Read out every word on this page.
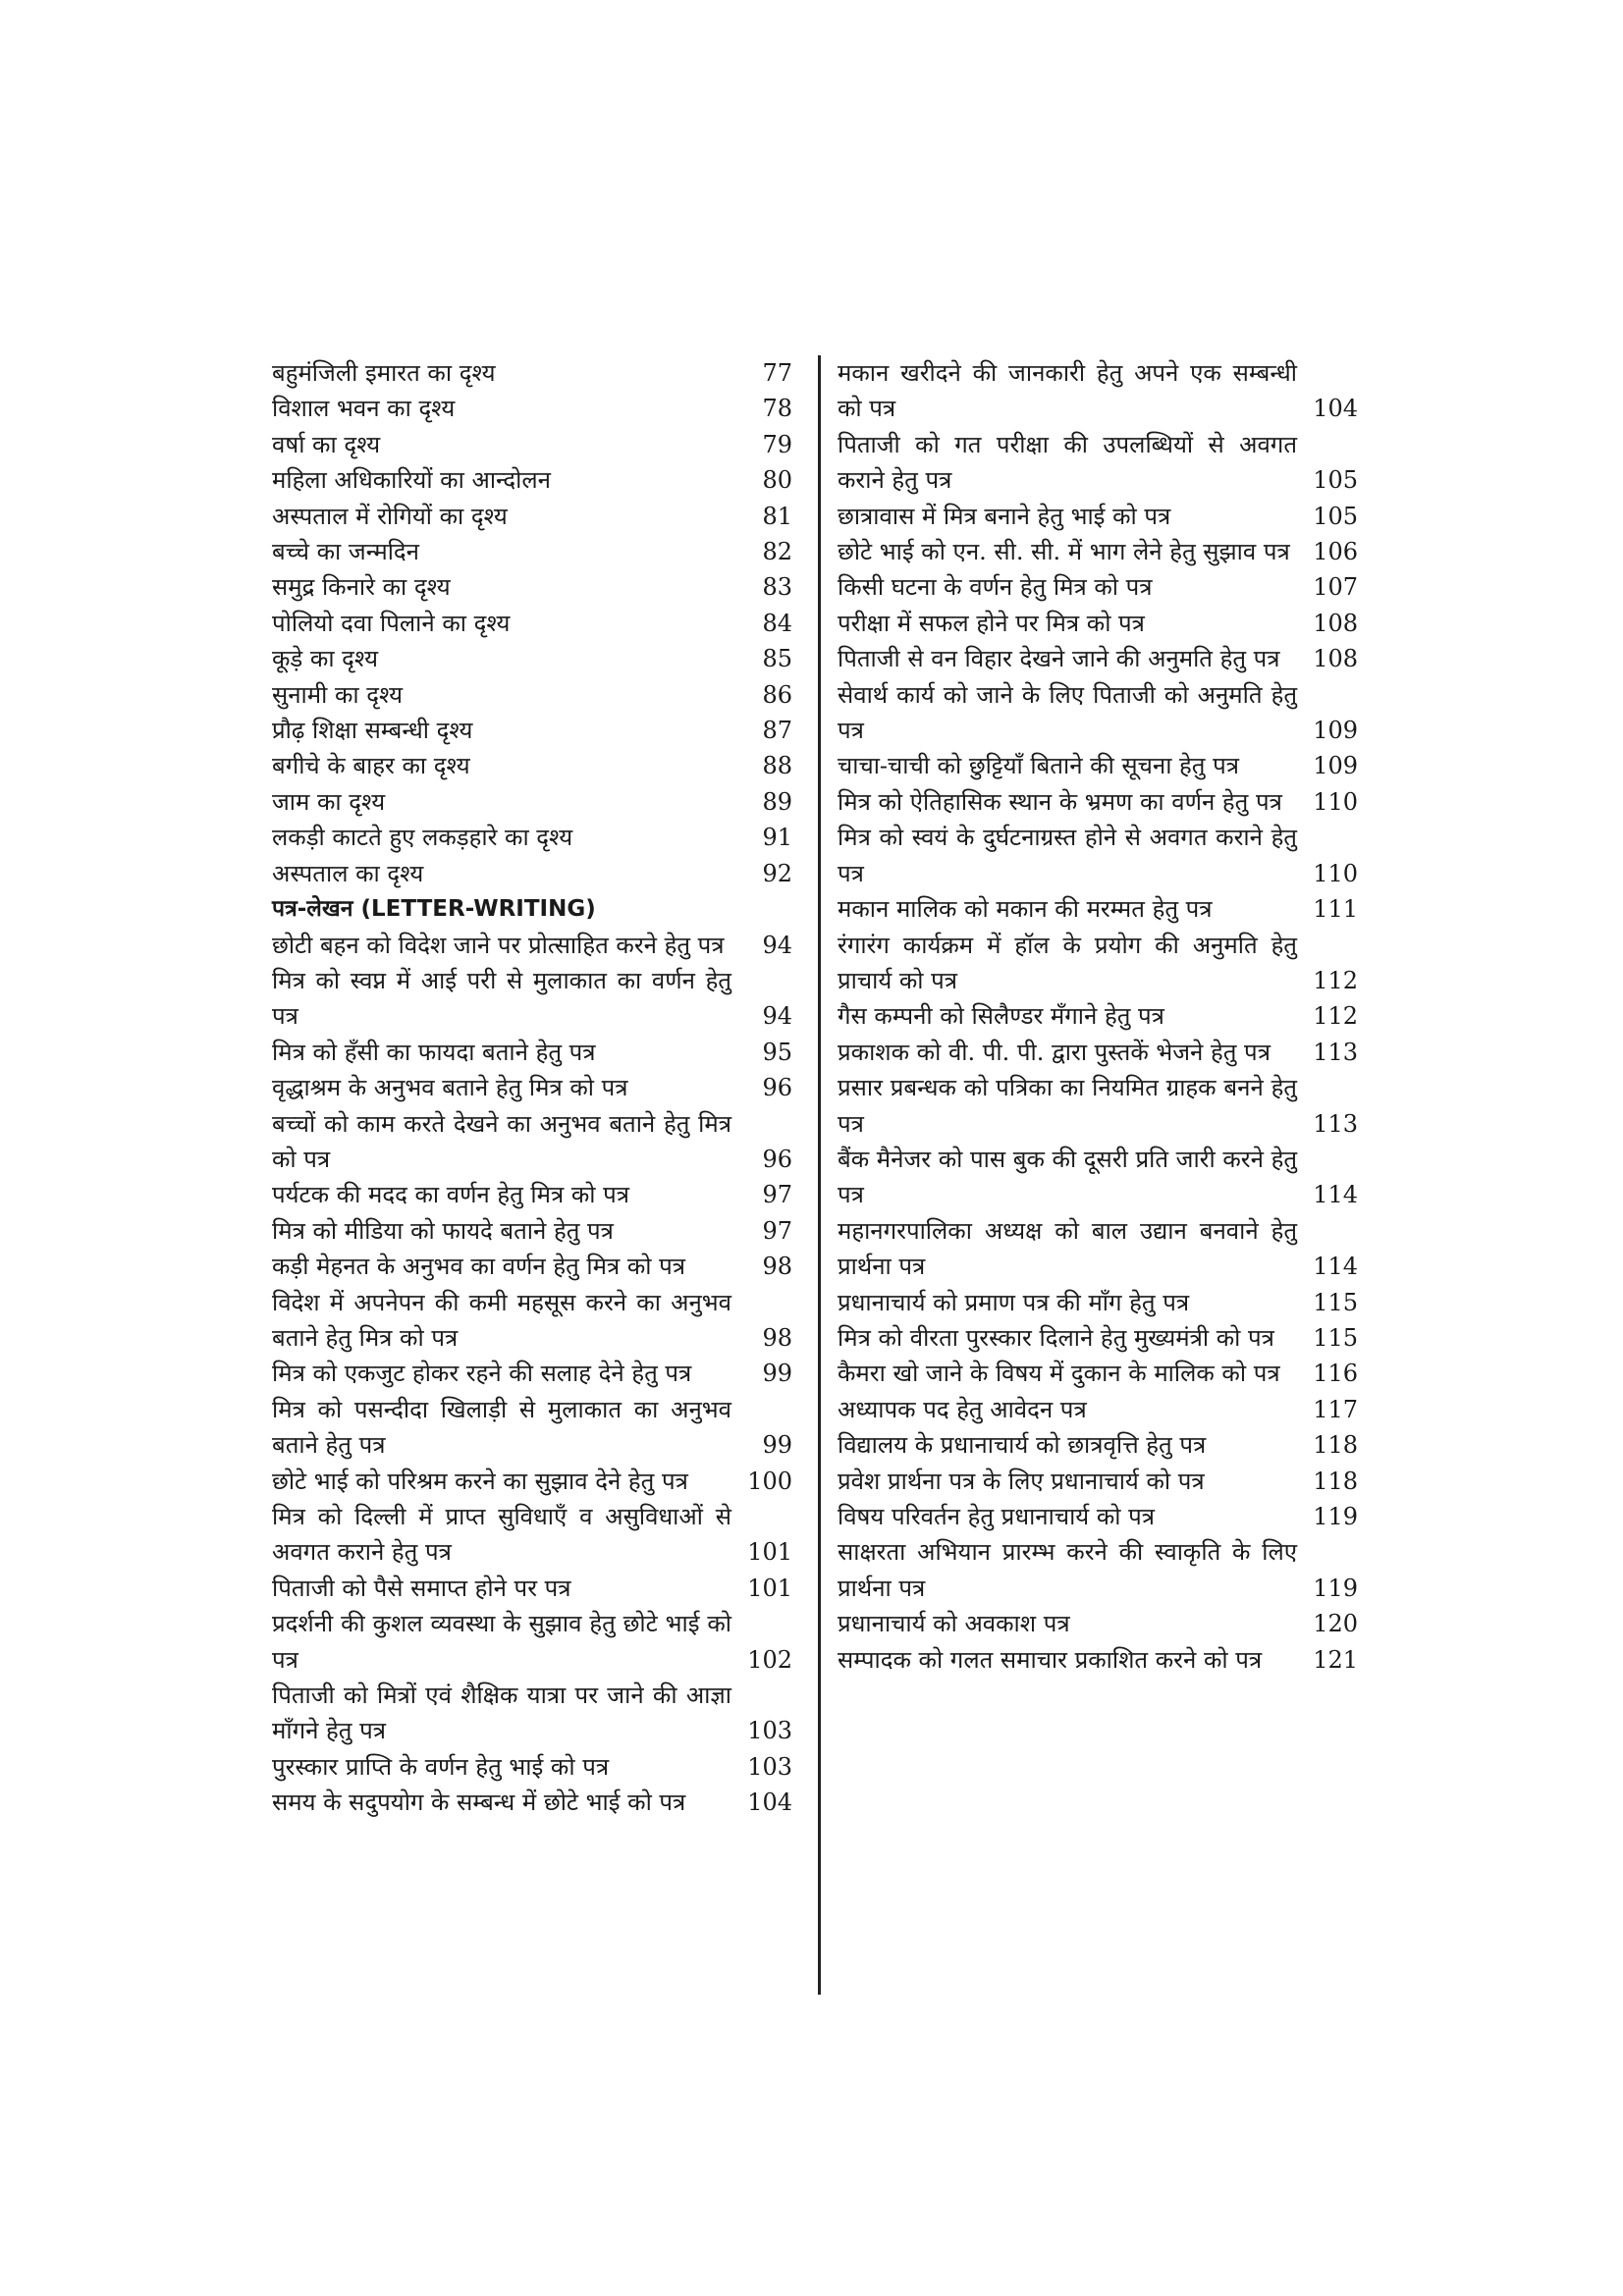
बहुमंजिली इमारत का दृश्य	77
विशाल भवन का दृश्य	78
वर्षा का दृश्य	79
महिला अधिकारियों का आन्दोलन	80
अस्पताल में रोगियों का दृश्य	81
बच्चे का जन्मदिन	82
समुद्र किनारे का दृश्य	83
पोलियो दवा पिलाने का दृश्य	84
कूड़े का दृश्य	85
सुनामी का दृश्य	86
प्रौढ़ शिक्षा सम्बन्धी दृश्य	87
बगीचे के बाहर का दृश्य	88
जाम का दृश्य	89
लकड़ी काटते हुए लकड़हारे का दृश्य	91
अस्पताल का दृश्य	92
पत्र-लेखन (LETTER-WRITING)
छोटी बहन को विदेश जाने पर प्रोत्साहित करने हेतु पत्र	94
मित्र को स्वप्न में आई परी से मुलाकात का वर्णन हेतु पत्र	94
मित्र को हँसी का फायदा बताने हेतु पत्र	95
वृद्धाश्रम के अनुभव बताने हेतु मित्र को पत्र	96
बच्चों को काम करते देखने का अनुभव बताने हेतु मित्र को पत्र	96
पर्यटक की मदद का वर्णन हेतु मित्र को पत्र	97
मित्र को मीडिया को फायदे बताने हेतु पत्र	97
कड़ी मेहनत के अनुभव का वर्णन हेतु मित्र को पत्र	98
विदेश में अपनेपन की कमी महसूस करने का अनुभव बताने हेतु मित्र को पत्र	98
मित्र को एकजुट होकर रहने की सलाह देने हेतु पत्र	99
मित्र को पसन्दीदा खिलाड़ी से मुलाकात का अनुभव बताने हेतु पत्र	99
छोटे भाई को परिश्रम करने का सुझाव देने हेतु पत्र	100
मित्र को दिल्ली में प्राप्त सुविधाएँ व असुविधाओं से अवगत कराने हेतु पत्र	101
पिताजी को पैसे समाप्त होने पर पत्र	101
प्रदर्शनी की कुशल व्यवस्था के सुझाव हेतु छोटे भाई को पत्र	102
पिताजी को मित्रों एवं शैक्षिक यात्रा पर जाने की आज्ञा माँगने हेतु पत्र	103
पुरस्कार प्राप्ति के वर्णन हेतु भाई को पत्र	103
समय के सदुपयोग के सम्बन्ध में छोटे भाई को पत्र	104
मकान खरीदने की जानकारी हेतु अपने एक सम्बन्धी को पत्र	104
पिताजी को गत परीक्षा की उपलब्धियों से अवगत कराने हेतु पत्र	105
छात्रावास में मित्र बनाने हेतु भाई को पत्र	105
छोटे भाई को एन. सी. सी. में भाग लेने हेतु सुझाव पत्र 106
किसी घटना के वर्णन हेतु मित्र को पत्र	107
परीक्षा में सफल होने पर मित्र को पत्र	108
पिताजी से वन विहार देखने जाने की अनुमति हेतु पत्र	108
सेवार्थ कार्य को जाने के लिए पिताजी को अनुमति हेतु पत्र	109
चाचा-चाची को छुट्टियाँ बिताने की सूचना हेतु पत्र	109
मित्र को ऐतिहासिक स्थान के भ्रमण का वर्णन हेतु पत्र	110
मित्र को स्वयं के दुर्घटनाग्रस्त होने से अवगत कराने हेतु पत्र	110
मकान मालिक को मकान की मरम्मत हेतु पत्र	111
रंगारंग कार्यक्रम में हॉल के प्रयोग की अनुमति हेतु प्राचार्य को पत्र	112
गैस कम्पनी को सिलैण्डर मँगाने हेतु पत्र	112
प्रकाशक को वी. पी. पी. द्वारा पुस्तकें भेजने हेतु पत्र	113
प्रसार प्रबन्धक को पत्रिका का नियमित ग्राहक बनने हेतु पत्र	113
बैंक मैनेजर को पास बुक की दूसरी प्रति जारी करने हेतु पत्र	114
महानगरपालिका अध्यक्ष को बाल उद्यान बनवाने हेतु प्रार्थना पत्र	114
प्रधानाचार्य को प्रमाण पत्र की माँग हेतु पत्र	115
मित्र को वीरता पुरस्कार दिलाने हेतु मुख्यमंत्री को पत्र	115
कैमरा खो जाने के विषय में दुकान के मालिक को पत्र	116
अध्यापक पद हेतु आवेदन पत्र	117
विद्यालय के प्रधानाचार्य को छात्रवृत्ति हेतु पत्र	118
प्रवेश प्रार्थना पत्र के लिए प्रधानाचार्य को पत्र	118
विषय परिवर्तन हेतु प्रधानाचार्य को पत्र	119
साक्षरता अभियान प्रारम्भ करने की स्वाकृति के लिए प्रार्थना पत्र	119
प्रधानाचार्य को अवकाश पत्र	120
सम्पादक को गलत समाचार प्रकाशित करने को पत्र	121
